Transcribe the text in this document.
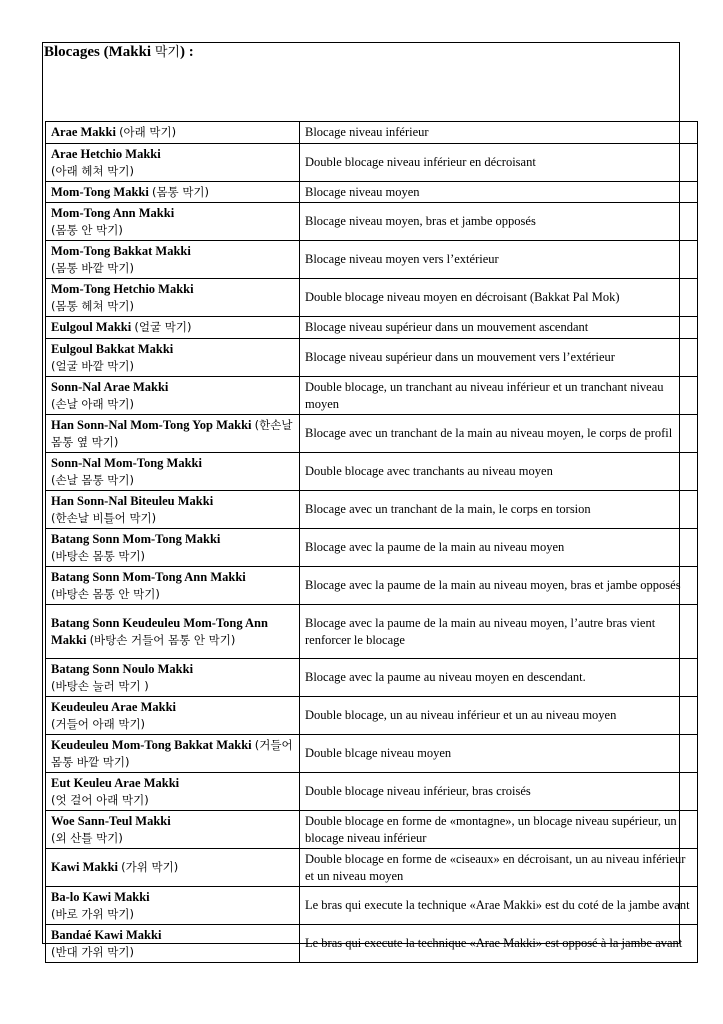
Blocages (Makki 막기) :
Arae Makki (아래 막기)	Blocage niveau inférieur
Arae Hetchio Makki
(아래 헤쳐 막기)	Double blocage niveau inférieur en décroisant
Mom-Tong Makki (몸통 막기)	Blocage niveau moyen
Mom-Tong Ann Makki
(몸통 안 막기)	Blocage niveau moyen, bras et jambe opposés
Mom-Tong Bakkat Makki
(몸통 바깥 막기)	Blocage niveau moyen vers l’extérieur
Mom-Tong Hetchio Makki
(몸통 헤쳐 막기)	Double blocage niveau moyen en décroisant (Bakkat Pal Mok)
Eulgoul Makki (얼굴 막기)	Blocage niveau supérieur dans un mouvement ascendant
Eulgoul Bakkat Makki
(얼굴 바깥 막기)	Blocage niveau supérieur dans un mouvement vers l’extérieur
Sonn-Nal Arae Makki
(손날 아래 막기)	Double blocage, un tranchant au niveau inférieur et un tranchant niveau moyen
Han Sonn-Nal Mom-Tong Yop Makki (한손날 몸통 옆 막기)	Blocage avec un tranchant de la main au niveau moyen, le corps de profil
Sonn-Nal Mom-Tong Makki
(손날 몸통 막기)	Double blocage avec tranchants au niveau moyen
Han Sonn-Nal Biteuleu Makki
(한손날 비틀어 막기)	Blocage avec un tranchant de la main, le corps en torsion
Batang Sonn Mom-Tong Makki
(바탕손 몸통 막기)	Blocage avec la paume de la main au niveau moyen
Batang Sonn Mom-Tong Ann Makki
(바탕손 몸통 안 막기)	Blocage avec la paume de la main au niveau moyen, bras et jambe opposés
Batang Sonn Keudeuleu Mom-Tong Ann Makki (바탕손 거들어 몸통 안 막기)	Blocage avec la paume de la main au niveau moyen, l’autre bras vient renforcer le blocage
Batang Sonn Noulo Makki
(바탕손 눌러 막기 )	Blocage avec la paume au niveau moyen en descendant.
Keudeuleu Arae Makki
(거들어 아래 막기)	Double blocage, un au niveau inférieur et un au niveau moyen
Keudeuleu Mom-Tong Bakkat Makki (거들어 몸통 바깥 막기)	Double blcage niveau moyen
Eut Keuleu Arae Makki
(엇 걸어 아래 막기)	Double blocage niveau inférieur, bras croisés
Woe Sann-Teul Makki
(외 산틀 막기)	Double blocage en forme de «montagne», un blocage niveau supérieur, un blocage niveau inférieur
Kawi Makki (가위 막기)	Double blocage en forme de «ciseaux» en décroisant, un au niveau inférieur et un niveau moyen
Ba-lo Kawi Makki
(바로 가위 막기)	Le bras qui execute la technique «Arae Makki» est du coté de la jambe avant
Bandaé Kawi Makki
(반대 가위 막기)	Le bras qui execute la technique «Arae Makki» est opposé à la jambe avant
